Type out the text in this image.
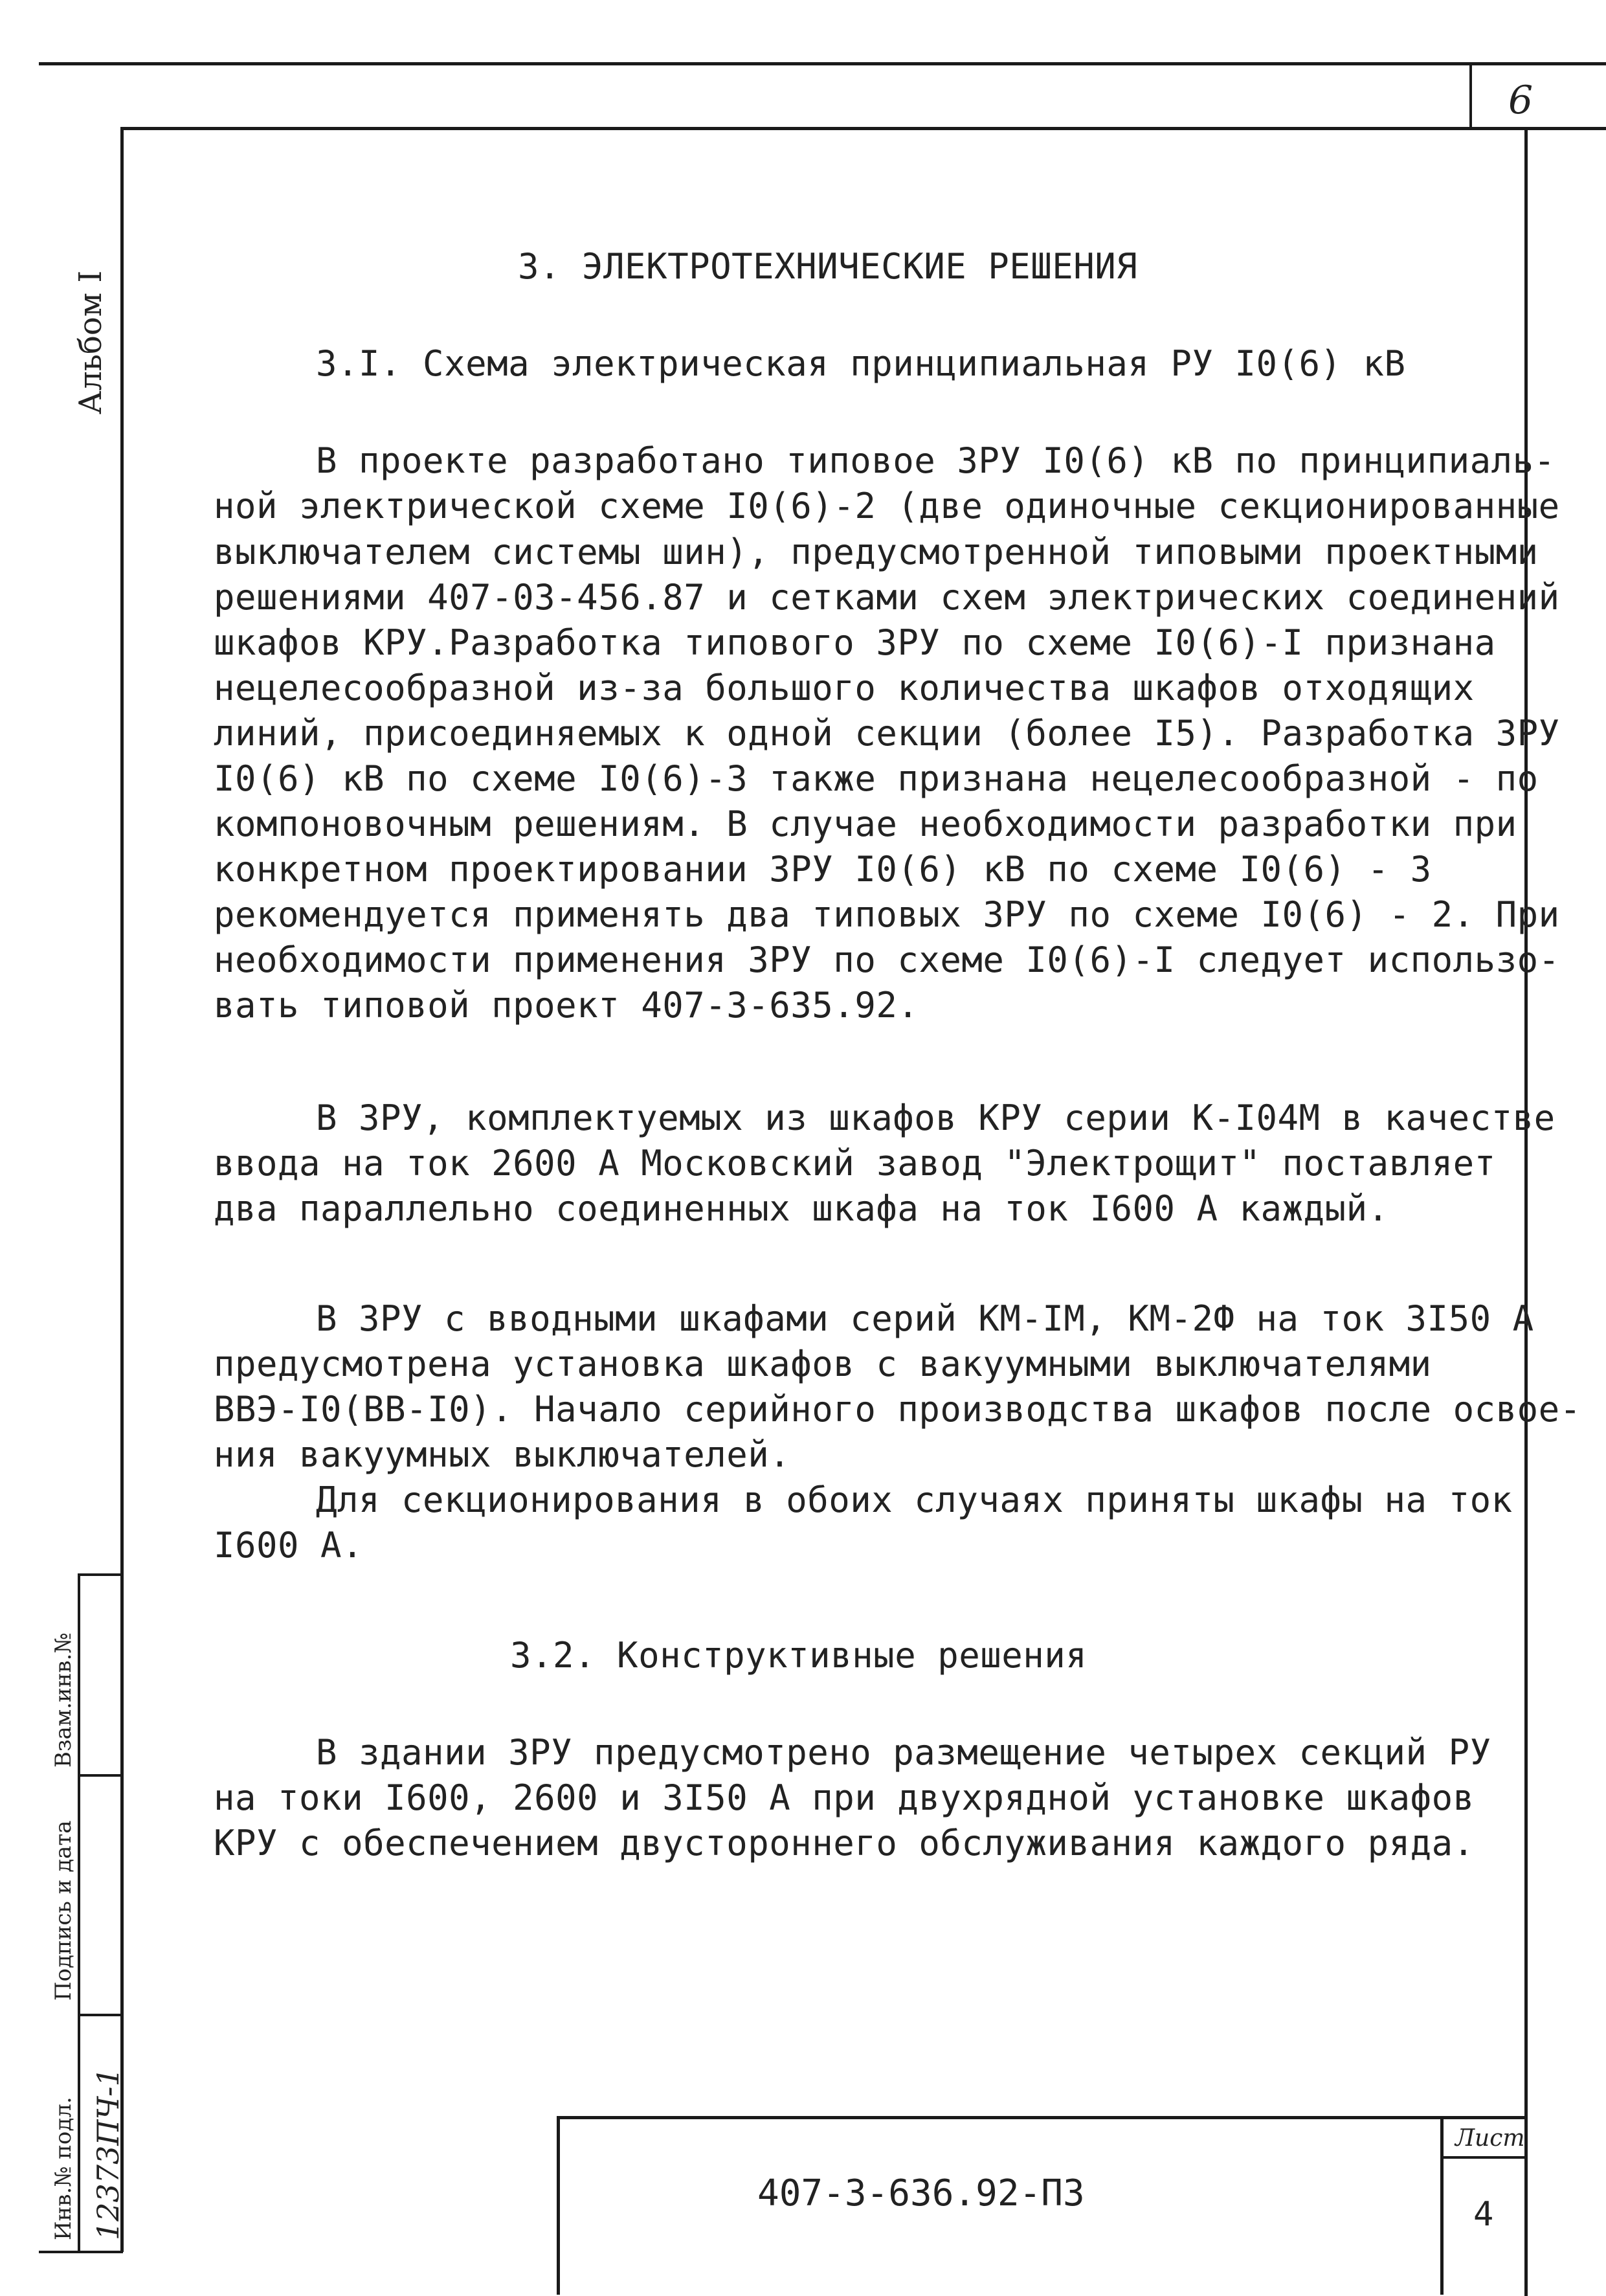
6
Альбом I
Взам.инв.№
Подпись и дата
Инв.№ подл. 12373ПЧ-1
3. ЭЛЕКТРОТЕХНИЧЕСКИЕ РЕШЕНИЯ
3.I. Схема электрическая принципиальная РУ I0(6) кВ
В проекте разработано типовое ЗРУ I0(6) кВ по принципиаль-
ной электрической схеме I0(6)-2 (две одиночные секционированные
выключателем системы шин), предусмотренной типовыми проектными
решениями 407-03-456.87 и сетками схем электрических соединений
шкафов КРУ.Разработка типового ЗРУ по схеме I0(6)-I признана
нецелесообразной из-за большого количества шкафов отходящих
линий, присоединяемых к одной секции (более I5). Разработка ЗРУ
I0(6) кВ по схеме I0(6)-3 также признана нецелесообразной - по
компоновочным решениям. В случае необходимости разработки при
конкретном проектировании ЗРУ I0(6) кВ по схеме I0(6) - 3
рекомендуется применять два типовых ЗРУ по схеме I0(6) - 2. При
необходимости применения ЗРУ по схеме I0(6)-I следует использо-
вать типовой проект 407-3-635.92.
В ЗРУ, комплектуемых из шкафов КРУ серии К-I04М в качестве
ввода на ток 2600 А Московский завод "Электрощит" поставляет
два параллельно соединенных шкафа на ток I600 А каждый.
В ЗРУ с вводными шкафами серий КМ-IМ, КМ-2Ф на ток 3I50 А
предусмотрена установка шкафов с вакуумными выключателями
ВВЭ-I0(ВВ-I0). Начало серийного производства шкафов после освое-
ния вакуумных выключателей.
Для секционирования в обоих случаях приняты шкафы на ток
I600 А.
3.2. Конструктивные решения
В здании ЗРУ предусмотрено размещение четырех секций РУ
на токи I600, 2600 и 3I50 А при двухрядной установке шкафов
КРУ с обеспечением двустороннего обслуживания каждого ряда.
407-3-636.92-ПЗ
Лист
4
